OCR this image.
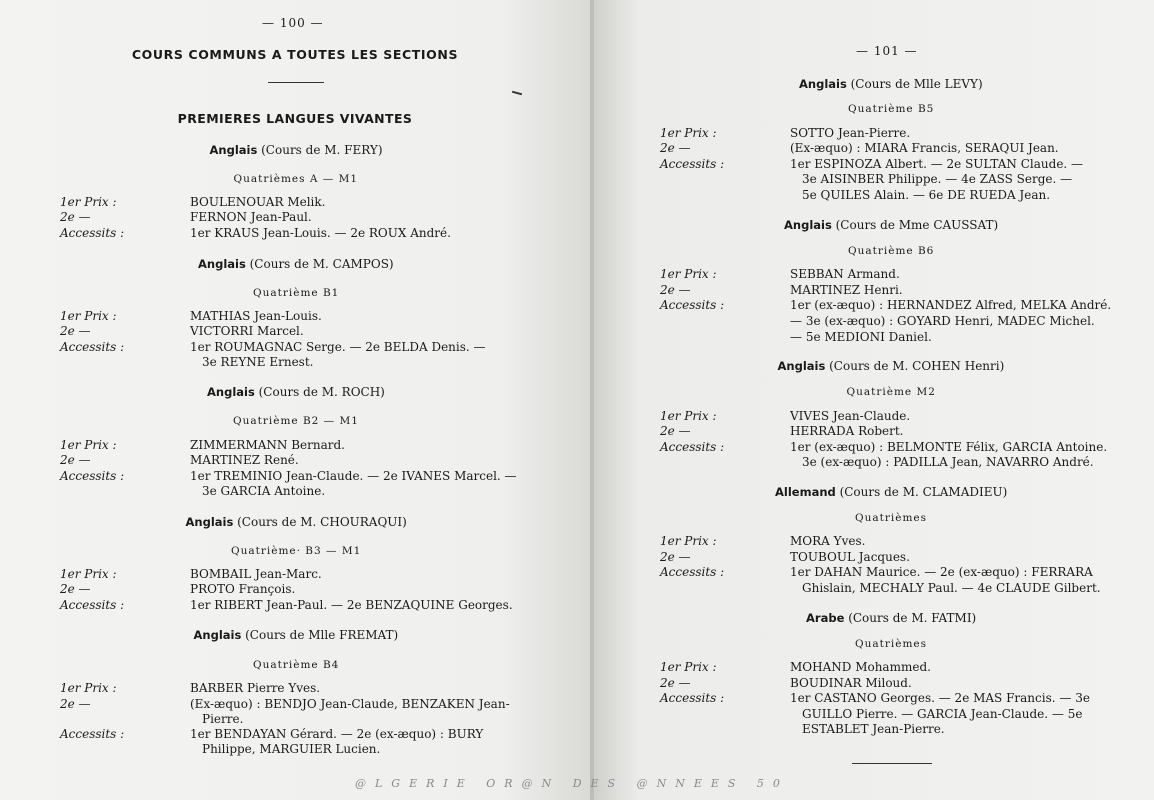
— 100 —
COURS COMMUNS A TOUTES LES SECTIONS
PREMIERES LANGUES VIVANTES
Anglais (Cours de M. FERY)
Quatrièmes A — M1
1er Prix :	BOULENOUAR Melik.
2e —	FERNON Jean-Paul.
Accessits :	1er KRAUS Jean-Louis. — 2e ROUX André.
Anglais (Cours de M. CAMPOS)
Quatrième B1
1er Prix :	MATHIAS Jean-Louis.
2e —	VICTORRI Marcel.
Accessits :	1er ROUMAGNAC Serge. — 2e BELDA Denis. —
3e REYNE Ernest.
Anglais (Cours de M. ROCH)
Quatrième B2 — M1
1er Prix :	ZIMMERMANN Bernard.
2e —	MARTINEZ René.
Accessits :	1er TREMINIO Jean-Claude. — 2e IVANES Marcel. —
3e GARCIA Antoine.
Anglais (Cours de M. CHOURAQUI)
Quatrième· B3 — M1
1er Prix :	BOMBAIL Jean-Marc.
2e —	PROTO François.
Accessits :	1er RIBERT Jean-Paul. — 2e BENZAQUINE Georges.
Anglais (Cours de Mlle FREMAT)
Quatrième B4
1er Prix :	BARBER Pierre Yves.
2e —	(Ex-æquo) : BENDJO Jean-Claude, BENZAKEN Jean-
Pierre.
Accessits :	1er BENDAYAN Gérard. — 2e (ex-æquo) : BURY
Philippe, MARGUIER Lucien.
— 101 —
Anglais (Cours de Mlle LEVY)
Quatrième B5
1er Prix :	SOTTO Jean-Pierre.
2e —	(Ex-æquo) : MIARA Francis, SERAQUI Jean.
Accessits :	1er ESPINOZA Albert. — 2e SULTAN Claude. —
3e AISINBER Philippe. — 4e ZASS Serge. —
5e QUILES Alain. — 6e DE RUEDA Jean.
Anglais (Cours de Mme CAUSSAT)
Quatrième B6
1er Prix :	SEBBAN Armand.
2e —	MARTINEZ Henri.
Accessits :	1er (ex-æquo) : HERNANDEZ Alfred, MELKA André.
— 3e (ex-æquo) : GOYARD Henri, MADEC Michel.
— 5e MEDIONI Daniel.
Anglais (Cours de M. COHEN Henri)
Quatrième M2
1er Prix :	VIVES Jean-Claude.
2e —	HERRADA Robert.
Accessits :	1er (ex-æquo) : BELMONTE Félix, GARCIA Antoine.
3e (ex-æquo) : PADILLA Jean, NAVARRO André.
Allemand (Cours de M. CLAMADIEU)
Quatrièmes
1er Prix :	MORA Yves.
2e —	TOUBOUL Jacques.
Accessits :	1er DAHAN Maurice. — 2e (ex-æquo) : FERRARA
Ghislain, MECHALY Paul. — 4e CLAUDE Gilbert.
Arabe (Cours de M. FATMI)
Quatrièmes
1er Prix :	MOHAND Mohammed.
2e —	BOUDINAR Miloud.
Accessits :	1er CASTANO Georges. — 2e MAS Francis. — 3e
GUILLO Pierre. — GARCIA Jean-Claude. — 5e
ESTABLET Jean-Pierre.
@LGERIE OR@N DES @NNEES 50
